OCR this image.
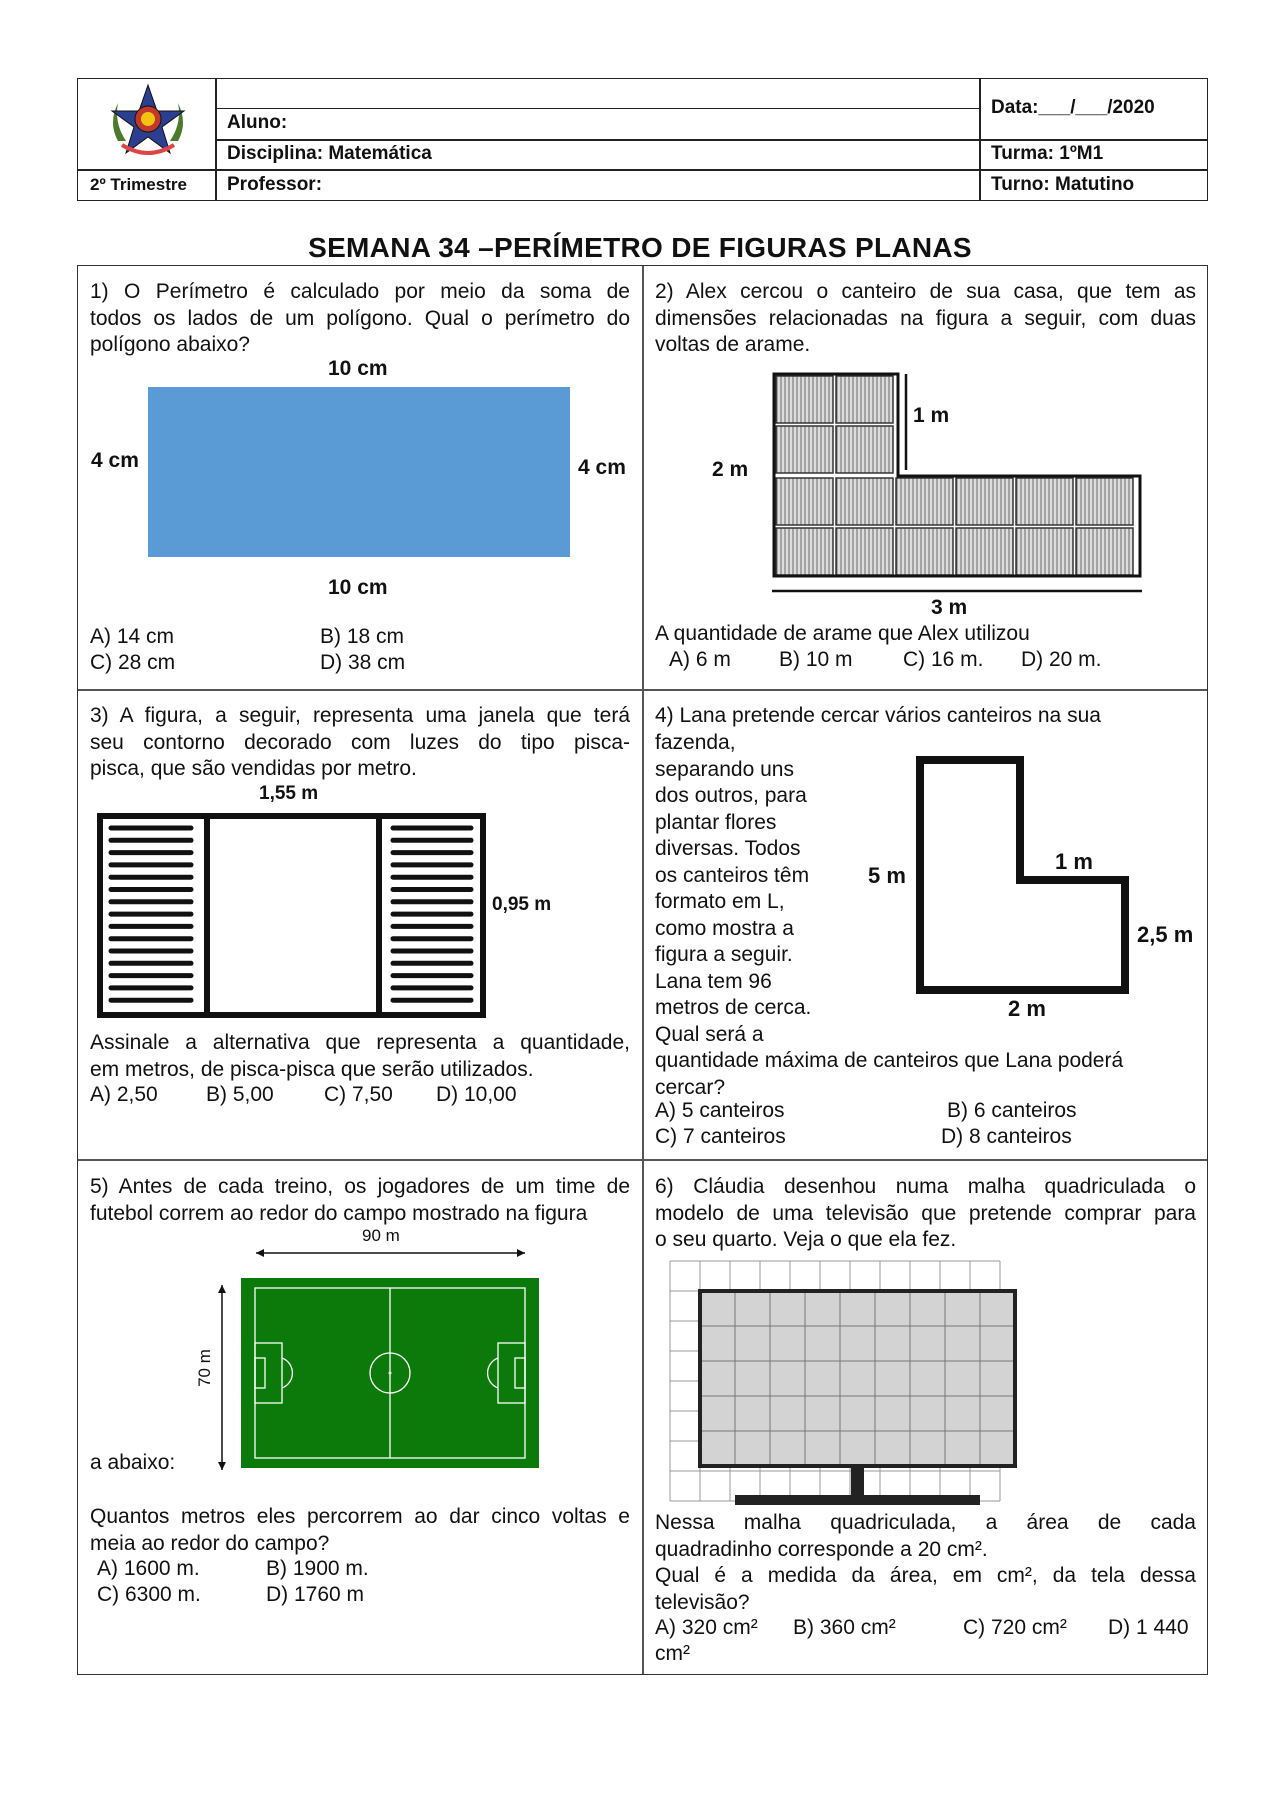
2º Trimestre
Aluno:
Disciplina: Matemática
Professor:
Data:___/___/2020
Turma: 1ºM1
Turno: Matutino
SEMANA 34 –PERÍMETRO DE FIGURAS PLANAS
1) O Perímetro é calculado por meio da soma de
todos os lados de um polígono. Qual o perímetro do
polígono abaixo?
10 cm
10 cm
4 cm	4 cm
A) 14 cm	B) 18 cm
C) 28 cm	D) 38 cm
2) Alex cercou o canteiro de sua casa, que tem as
dimensões relacionadas na figura a seguir, com duas
voltas de arame.
1 m
2 m
3 m
A quantidade de arame que Alex utilizou
A) 6 m B) 10 m C) 16 m. D) 20 m.
3) A figura, a seguir, representa uma janela que terá
seu contorno decorado com luzes do tipo pisca-
pisca, que são vendidas por metro.
1,55 m
0,95 m
Assinale a alternativa que representa a quantidade,
em metros, de pisca-pisca que serão utilizados.
A) 2,50 B) 5,00 C) 7,50 D) 10,00
4) Lana pretende cercar vários canteiros na sua
fazenda,
separando uns
dos outros, para
plantar flores
diversas. Todos
os canteiros têm
formato em L,
como mostra a
figura a seguir.
Lana tem 96
metros de cerca.
Qual será a
quantidade máxima de canteiros que Lana poderá
cercar?
5 m
1 m
2,5 m
2 m
A) 5 canteiros	B) 6 canteiros
C) 7 canteiros	D) 8 canteiros
5) Antes de cada treino, os jogadores de um time de
futebol correm ao redor do campo mostrado na figura
90 m
70 m
a abaixo:
Quantos metros eles percorrem ao dar cinco voltas e
meia ao redor do campo?
A) 1600 m.	B) 1900 m.
C) 6300 m.	D) 1760 m
6) Cláudia desenhou numa malha quadriculada o
modelo de uma televisão que pretende comprar para
o seu quarto. Veja o que ela fez.
Nessa malha quadriculada, a área de cada
quadradinho corresponde a 20 cm².
Qual é a medida da área, em cm², da tela dessa
televisão?
A) 320 cm² B) 360 cm²	C) 720 cm² D) 1 440
cm²
